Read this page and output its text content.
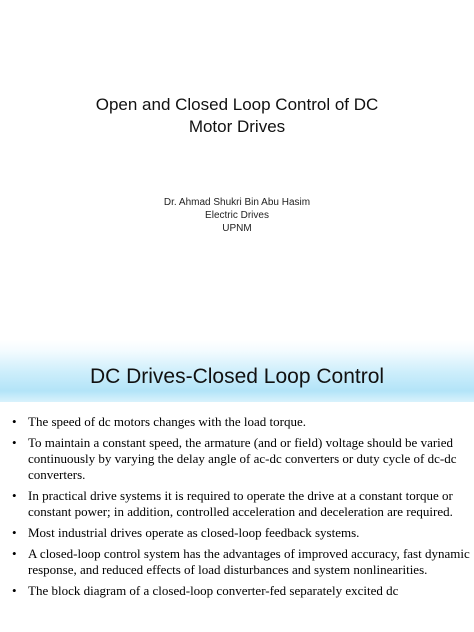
Open and Closed Loop Control of DC
Motor Drives
Dr. Ahmad Shukri Bin Abu Hasim
Electric Drives
UPNM
DC Drives-Closed Loop Control
• The speed of dc motors changes with the load torque.
• To maintain a constant speed, the armature (and or field) voltage should be varied continuously by varying the delay angle of ac-dc converters or duty cycle of dc-dc converters.
• In practical drive systems it is required to operate the drive at a constant torque or constant power; in addition, controlled acceleration and deceleration are required.
• Most industrial drives operate as closed-loop feedback systems.
• A closed-loop control system has the advantages of improved accuracy, fast dynamic response, and reduced effects of load disturbances and system nonlinearities.
• The block diagram of a closed-loop converter-fed separately excited dc
